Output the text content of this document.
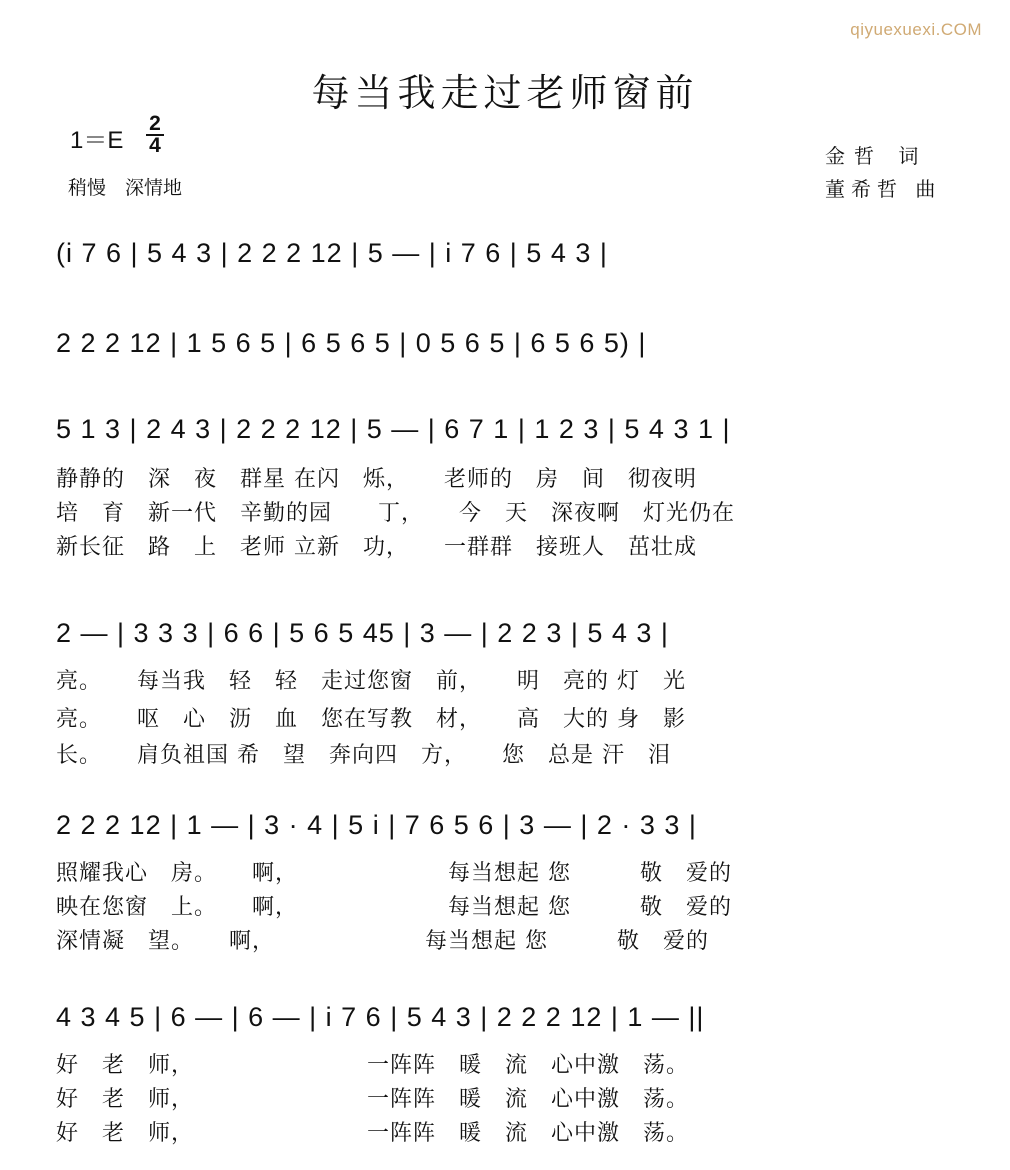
qiyuexuexi.COM
每当我走过老师窗前
1＝E
2
4
稍慢　深情地
金哲 词
董希哲 曲
(i 7 6 | 5 4 3 | 2 2 2 12 | 5 — | i 7 6 | 5 4 3 |
2 2 2 12 | 1 5 6 5 | 6 5 6 5 | 0 5 6 5 | 6 5 6 5) |
5 1 3 | 2 4 3 | 2 2 2 12 | 5 — | 6 7 1 | 1 2 3 | 5 4 3 1 |
静静的　深　夜　群星 在闪　烁，　　老师的　房　间　彻夜明
培　育　新一代　辛勤的园　　丁，　　今　天　深夜啊　灯光仍在
新长征　路　上　老师 立新　功，　　一群群　接班人　茁壮成
2 — | 3 3 3 | 6 6 | 5 6 5 45 | 3 — | 2 2 3 | 5 4 3 |
亮。　　每当我　轻　轻　走过您窗　前，　　明　亮的 灯　光
亮。　　呕　心　沥　血　您在写教　材，　　高　大的 身　影
长。　　肩负祖国 希　望　奔向四　方，　　您　总是 汗　泪
2 2 2 12 | 1 — | 3 · 4 | 5 i | 7 6 5 6 | 3 — | 2 · 3 3 |
照耀我心　房。　　啊，　　　　　　　每当想起 您　　　敬　爱的
映在您窗　上。　　啊，　　　　　　　每当想起 您　　　敬　爱的
深情凝　望。　　啊，　　　　　　　每当想起 您　　　敬　爱的
4 3 4 5 | 6 — | 6 — | i 7 6 | 5 4 3 | 2 2 2 12 | 1 — ||
好　老　师，　　　　　　　　一阵阵　暖　流　心中激　荡。
好　老　师，　　　　　　　　一阵阵　暖　流　心中激　荡。
好　老　师，　　　　　　　　一阵阵　暖　流　心中激　荡。
